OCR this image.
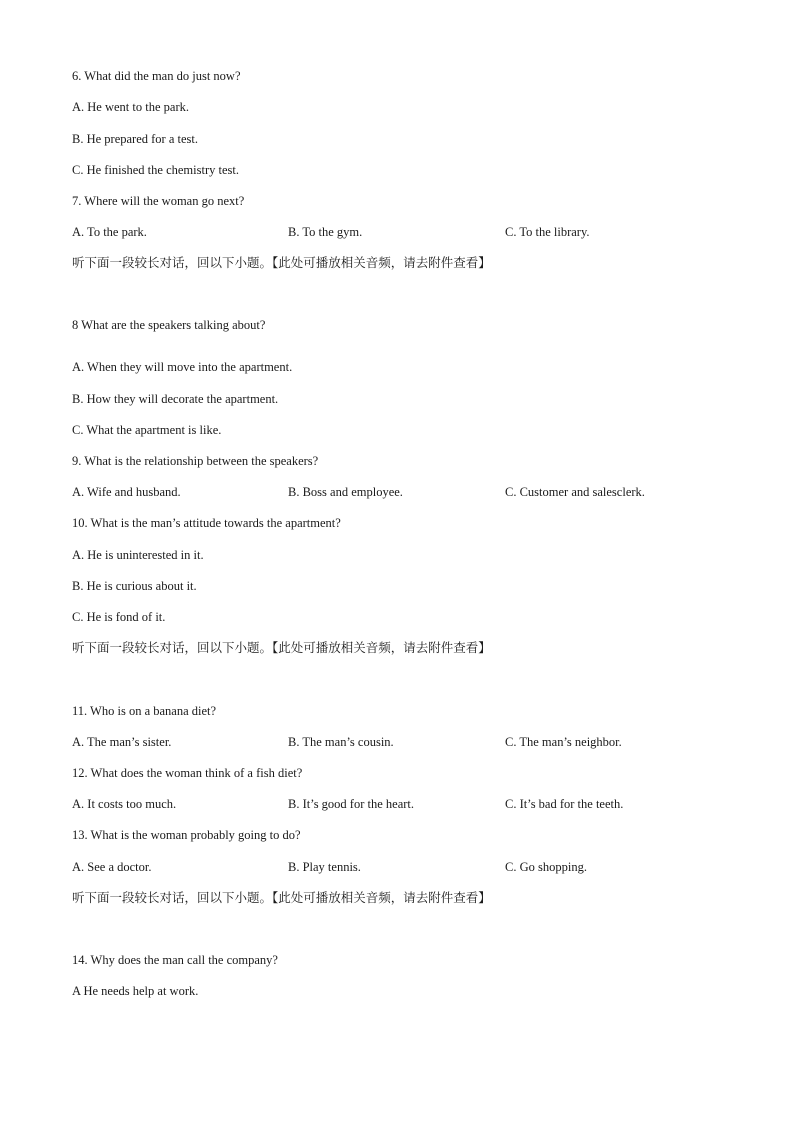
6. What did the man do just now?
A. He went to the park.
B. He prepared for a test.
C. He finished the chemistry test.
7. Where will the woman go next?
A. To the park.	B. To the gym.	C. To the library.
听下面一段较长对话，回以下小题。【此处可播放相关音频，请去附件查看】
8 What are the speakers talking about?
A. When they will move into the apartment.
B. How they will decorate the apartment.
C. What the apartment is like.
9. What is the relationship between the speakers?
A. Wife and husband.	B. Boss and employee.	C. Customer and salesclerk.
10. What is the man’s attitude towards the apartment?
A. He is uninterested in it.
B. He is curious about it.
C. He is fond of it.
听下面一段较长对话，回以下小题。【此处可播放相关音频，请去附件查看】
11. Who is on a banana diet?
A. The man’s sister.	B. The man’s cousin.	C. The man’s neighbor.
12. What does the woman think of a fish diet?
A. It costs too much.	B. It’s good for the heart.	C. It’s bad for the teeth.
13. What is the woman probably going to do?
A. See a doctor.	B. Play tennis.	C. Go shopping.
听下面一段较长对话，回以下小题。【此处可播放相关音频，请去附件查看】
14. Why does the man call the company?
A He needs help at work.
